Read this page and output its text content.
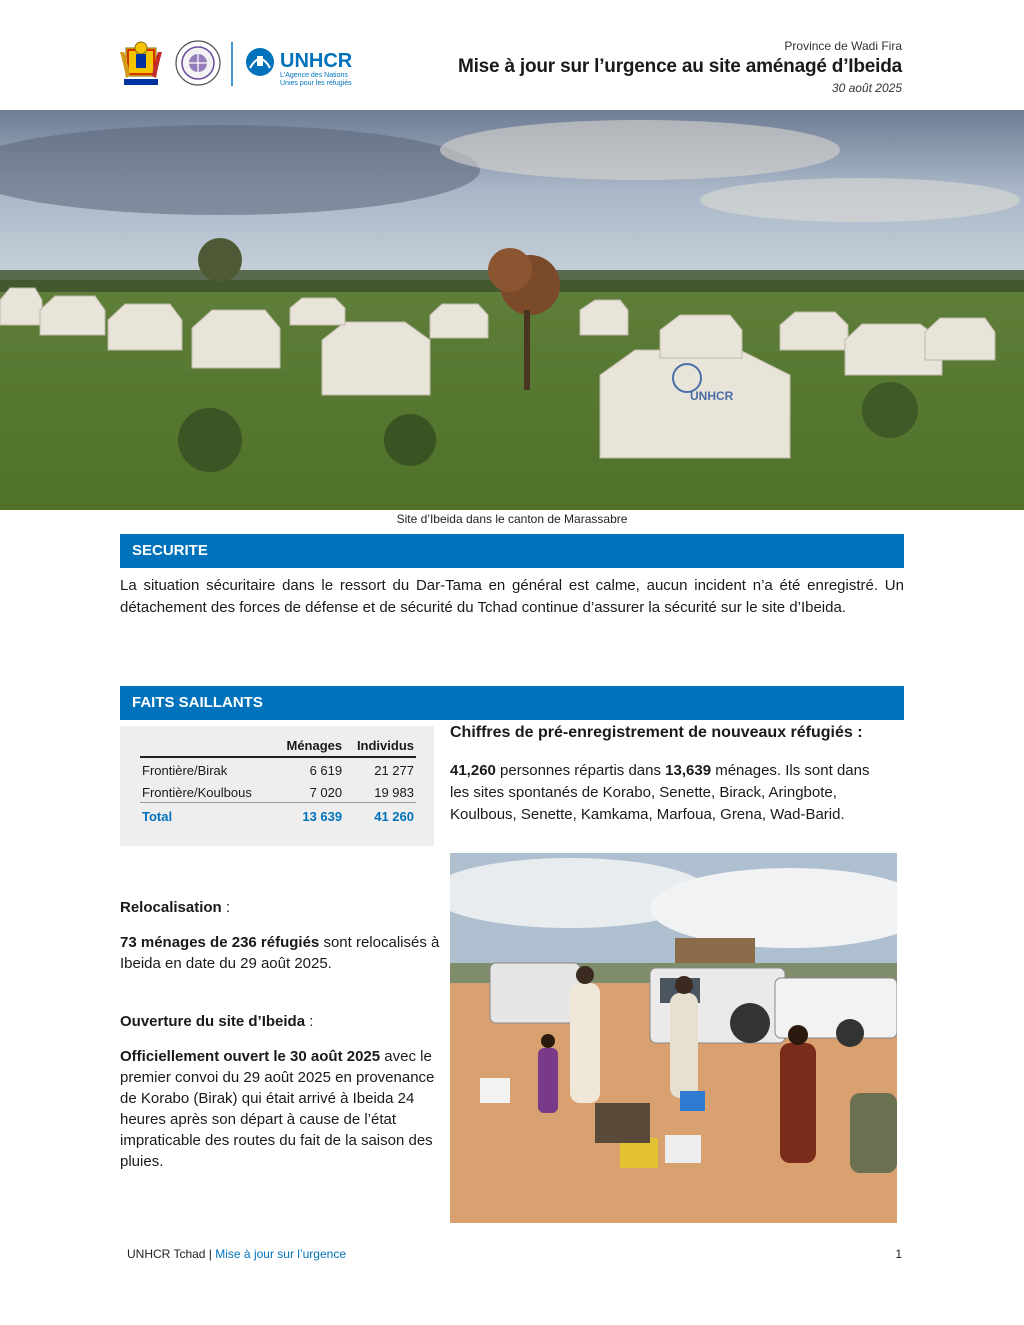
UNHCR
L'Agence des Nations
Unies pour les réfugiés
Province de Wadi Fira
Mise à jour sur l’urgence au site aménagé d’Ibeida
30 août 2025
UNHCR
Site d’Ibeida dans le canton de Marassabre
SECURITE
La situation sécuritaire dans le ressort du Dar-Tama en général est calme, aucun incident n’a été enregistré. Un détachement des forces de défense et de sécurité du Tchad continue d’assurer la sécurité sur le site d’Ibeida.
FAITS SAILLANTS
	Ménages	Individus
Frontière/Birak	6 619	21 277
Frontière/Koulbous	7 020	19 983
Total	13 639	41 260
Chiffres de pré-enregistrement de nouveaux réfugiés :
41,260 personnes répartis dans 13,639 ménages. Ils sont dans les sites spontanés de Korabo, Senette, Birack, Aringbote, Koulbous, Senette, Kamkama, Marfoua, Grena, Wad-Barid.
Relocalisation :
73 ménages de 236 réfugiés sont relocalisés à Ibeida en date du 29 août 2025.
Ouverture du site d’Ibeida :
Officiellement ouvert le 30 août 2025 avec le premier convoi du 29 août 2025 en provenance de Korabo (Birak) qui était arrivé à Ibeida 24 heures après son départ à cause de l’état impraticable des routes du fait de la saison des pluies.
UNHCR Tchad | Mise à jour sur l’urgence	1
